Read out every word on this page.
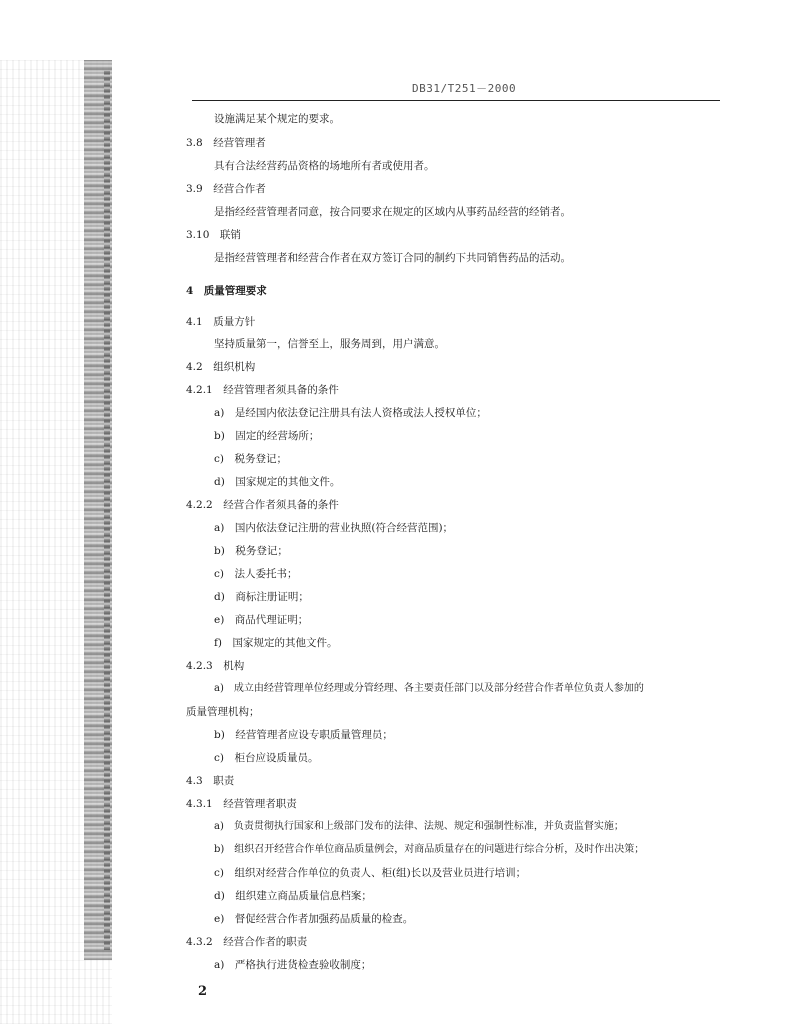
DB31/T251－2000
设施满足某个规定的要求。
3.8　经营管理者
具有合法经营药品资格的场地所有者或使用者。
3.9　经营合作者
是指经经营管理者同意，按合同要求在规定的区域内从事药品经营的经销者。
3.10　联销
是指经营管理者和经营合作者在双方签订合同的制约下共同销售药品的活动。
4　质量管理要求
4.1　质量方针
坚持质量第一，信誉至上，服务周到，用户满意。
4.2　组织机构
4.2.1　经营管理者须具备的条件
a)　是经国内依法登记注册具有法人资格或法人授权单位；
b)　固定的经营场所；
c)　税务登记；
d)　国家规定的其他文件。
4.2.2　经营合作者须具备的条件
a)　国内依法登记注册的营业执照(符合经营范围)；
b)　税务登记；
c)　法人委托书；
d)　商标注册证明；
e)　商品代理证明；
f)　国家规定的其他文件。
4.2.3　机构
a)　成立由经营管理单位经理或分管经理、各主要责任部门以及部分经营合作者单位负责人参加的
质量管理机构；
b)　经营管理者应设专职质量管理员；
c)　柜台应设质量员。
4.3　职责
4.3.1　经营管理者职责
a)　负责贯彻执行国家和上级部门发布的法律、法规、规定和强制性标准，并负责监督实施；
b)　组织召开经营合作单位商品质量例会，对商品质量存在的问题进行综合分析，及时作出决策；
c)　组织对经营合作单位的负责人、柜(组)长以及营业员进行培训；
d)　组织建立商品质量信息档案；
e)　督促经营合作者加强药品质量的检查。
4.3.2　经营合作者的职责
a)　严格执行进货检查验收制度；
2
